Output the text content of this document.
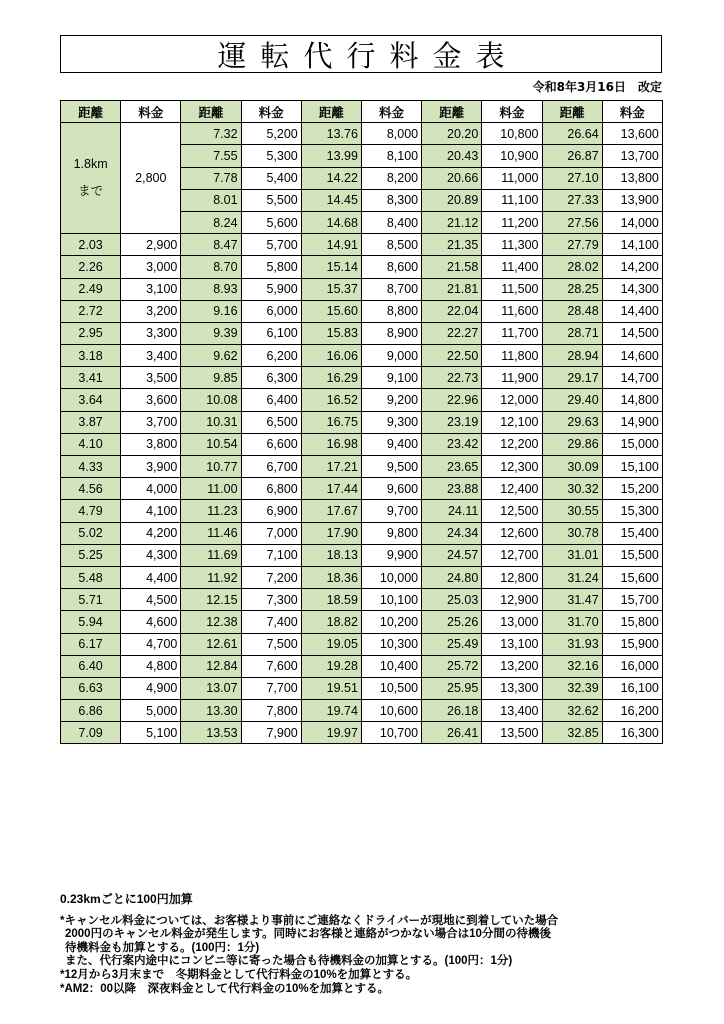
運転代行料金表
令和8年3月16日　改定
距離	料金	距離	料金	距離	料金	距離	料金	距離	料金

1.8km
まで	2,800	7.32	5,200	13.76	8,000	20.20	10,800	26.64	13,600
		7.55	5,300	13.99	8,100	20.43	10,900	26.87	13,700
		7.78	5,400	14.22	8,200	20.66	11,000	27.10	13,800
		8.01	5,500	14.45	8,300	20.89	11,100	27.33	13,900
		8.24	5,600	14.68	8,400	21.12	11,200	27.56	14,000
2.03	2,900	8.47	5,700	14.91	8,500	21.35	11,300	27.79	14,100
2.26	3,000	8.70	5,800	15.14	8,600	21.58	11,400	28.02	14,200
2.49	3,100	8.93	5,900	15.37	8,700	21.81	11,500	28.25	14,300
2.72	3,200	9.16	6,000	15.60	8,800	22.04	11,600	28.48	14,400
2.95	3,300	9.39	6,100	15.83	8,900	22.27	11,700	28.71	14,500
3.18	3,400	9.62	6,200	16.06	9,000	22.50	11,800	28.94	14,600
3.41	3,500	9.85	6,300	16.29	9,100	22.73	11,900	29.17	14,700
3.64	3,600	10.08	6,400	16.52	9,200	22.96	12,000	29.40	14,800
3.87	3,700	10.31	6,500	16.75	9,300	23.19	12,100	29.63	14,900
4.10	3,800	10.54	6,600	16.98	9,400	23.42	12,200	29.86	15,000
4.33	3,900	10.77	6,700	17.21	9,500	23.65	12,300	30.09	15,100
4.56	4,000	11.00	6,800	17.44	9,600	23.88	12,400	30.32	15,200
4.79	4,100	11.23	6,900	17.67	9,700	24.11	12,500	30.55	15,300
5.02	4,200	11.46	7,000	17.90	9,800	24.34	12,600	30.78	15,400
5.25	4,300	11.69	7,100	18.13	9,900	24.57	12,700	31.01	15,500
5.48	4,400	11.92	7,200	18.36	10,000	24.80	12,800	31.24	15,600
5.71	4,500	12.15	7,300	18.59	10,100	25.03	12,900	31.47	15,700
5.94	4,600	12.38	7,400	18.82	10,200	25.26	13,000	31.70	15,800
6.17	4,700	12.61	7,500	19.05	10,300	25.49	13,100	31.93	15,900
6.40	4,800	12.84	7,600	19.28	10,400	25.72	13,200	32.16	16,000
6.63	4,900	13.07	7,700	19.51	10,500	25.95	13,300	32.39	16,100
6.86	5,000	13.30	7,800	19.74	10,600	26.18	13,400	32.62	16,200
7.09	5,100	13.53	7,900	19.97	10,700	26.41	13,500	32.85	16,300
0.23kmごとに100円加算

*キャンセル料金については、お客様より事前にご連絡なくドライバーが現地に到着していた場合

2000円のキャンセル料金が発生します。同時にお客様と連絡がつかない場合は10分間の待機後

待機料金も加算とする。(100円：1分)

また、代行案内途中にコンビニ等に寄った場合も待機料金の加算とする。(100円：1分)

*12月から3月末まで　冬期料金として代行料金の10%を加算とする。

*AM2：00以降　深夜料金として代行料金の10%を加算とする。
